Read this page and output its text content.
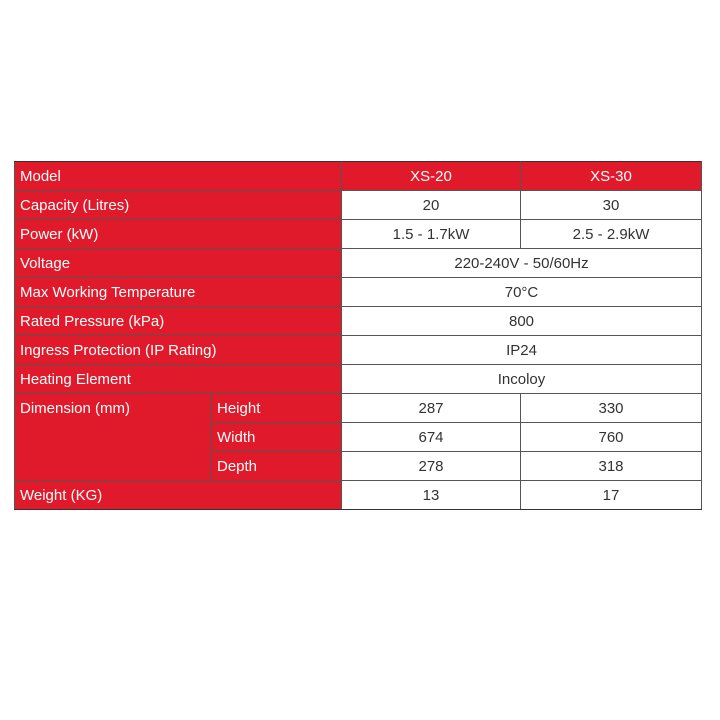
Model		XS-20	XS-30
Capacity (Litres)		20	30
Power (kW)		1.5 - 1.7kW	2.5 - 2.9kW
Voltage		220-240V - 50/60Hz	
Max Working Temperature		70°C	
Rated Pressure (kPa)		800	
Ingress Protection (IP Rating)		IP24	
Heating Element		Incoloy	
Dimension (mm)	Height	287	330
	Width	674	760
	Depth	278	318
Weight (KG)		13	17
